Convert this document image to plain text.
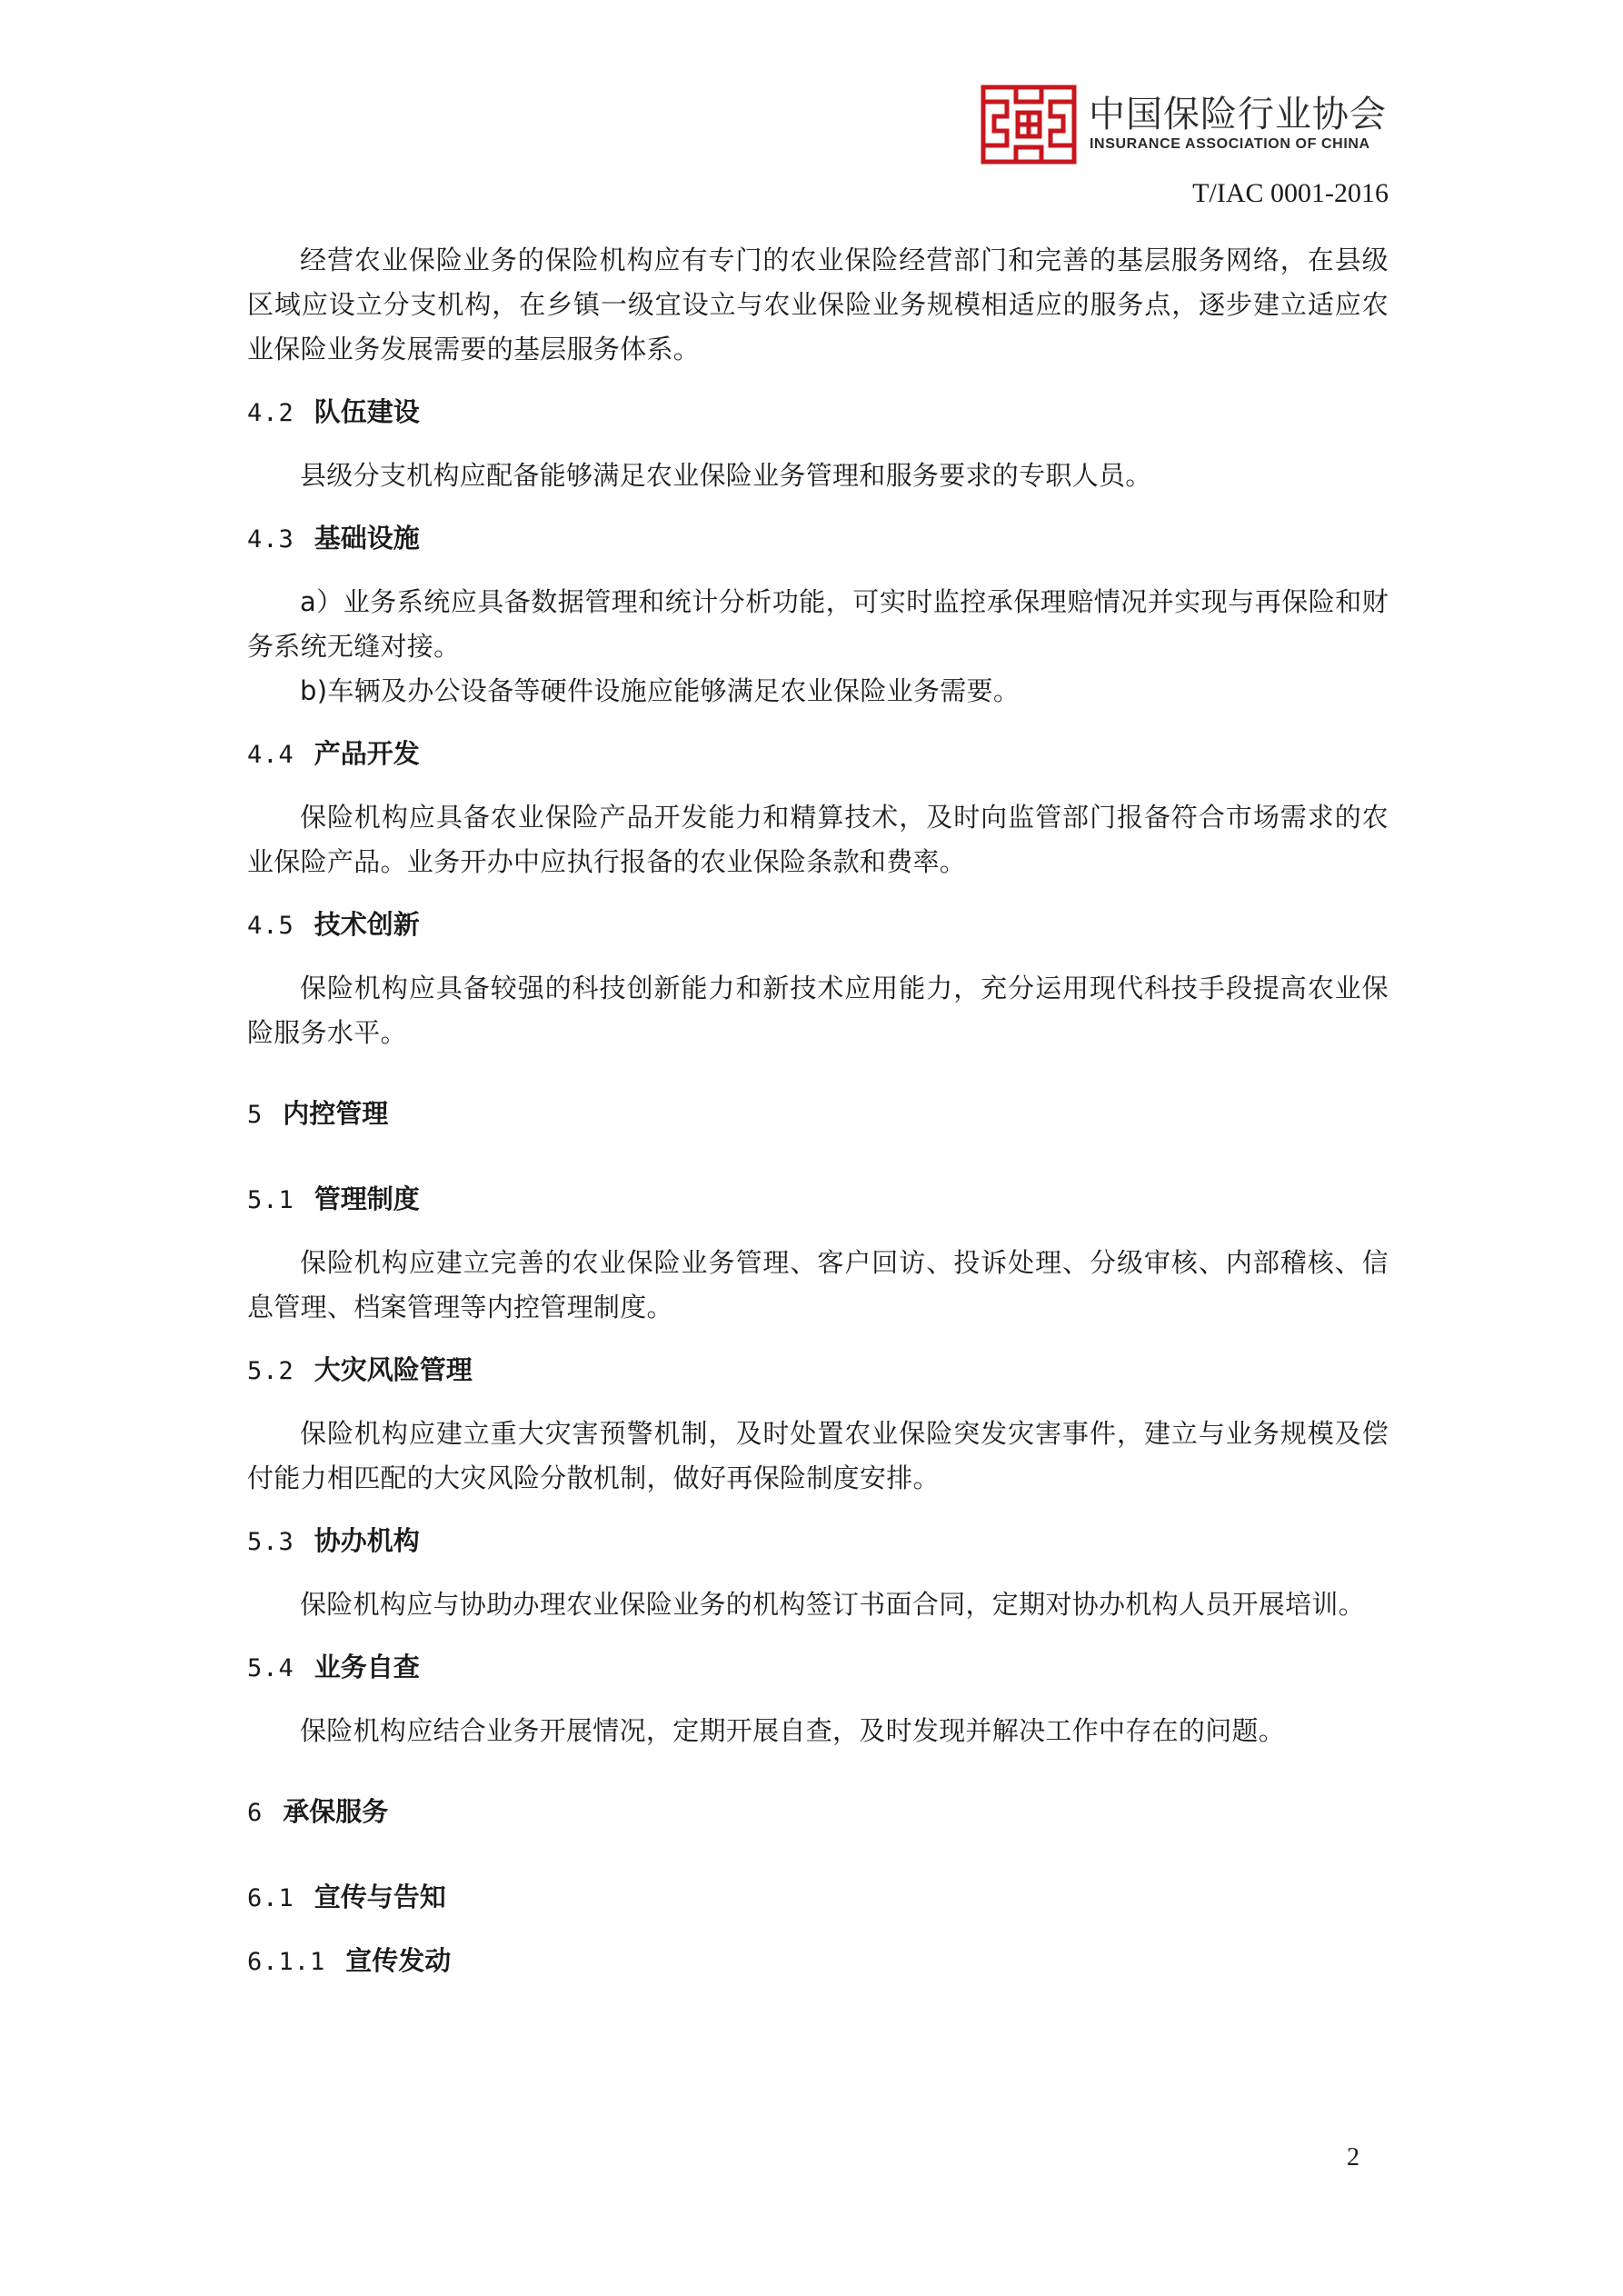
中国保险行业协会
INSURANCE ASSOCIATION OF CHINA
T/IAC 0001-2016

经营农业保险业务的保险机构应有专门的农业保险经营部门和完善的基层服务网络，在县级区域应设立分支机构，在乡镇一级宜设立与农业保险业务规模相适应的服务点，逐步建立适应农业保险业务发展需要的基层服务体系。

4.2 队伍建设

县级分支机构应配备能够满足农业保险业务管理和服务要求的专职人员。

4.3 基础设施

a）业务系统应具备数据管理和统计分析功能，可实时监控承保理赔情况并实现与再保险和财务系统无缝对接。

b)车辆及办公设备等硬件设施应能够满足农业保险业务需要。

4.4 产品开发

保险机构应具备农业保险产品开发能力和精算技术，及时向监管部门报备符合市场需求的农业保险产品。业务开办中应执行报备的农业保险条款和费率。

4.5 技术创新

保险机构应具备较强的科技创新能力和新技术应用能力，充分运用现代科技手段提高农业保险服务水平。

5 内控管理
5.1 管理制度

保险机构应建立完善的农业保险业务管理、客户回访、投诉处理、分级审核、内部稽核、信息管理、档案管理等内控管理制度。

5.2 大灾风险管理

保险机构应建立重大灾害预警机制，及时处置农业保险突发灾害事件，建立与业务规模及偿付能力相匹配的大灾风险分散机制，做好再保险制度安排。

5.3 协办机构

保险机构应与协助办理农业保险业务的机构签订书面合同，定期对协办机构人员开展培训。

5.4 业务自查

保险机构应结合业务开展情况，定期开展自查，及时发现并解决工作中存在的问题。

6 承保服务
6.1 宣传与告知
6.1.1 宣传发动
2
